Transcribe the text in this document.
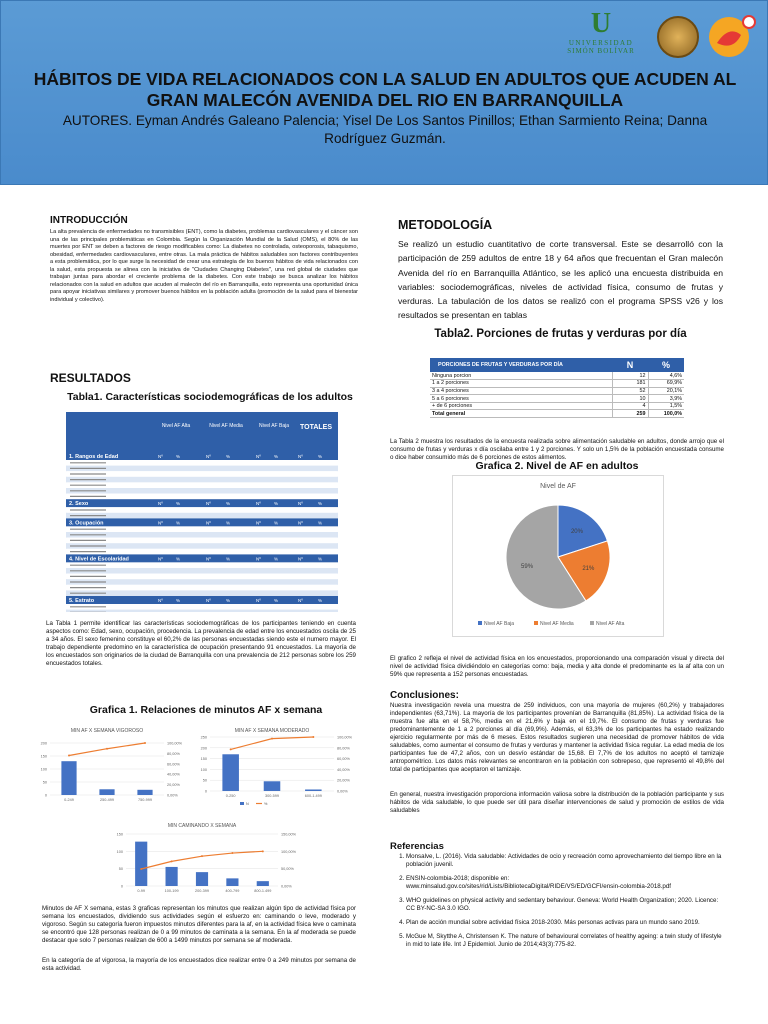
U
UNIVERSIDAD
SIMÓN BOLÍVAR
HÁBITOS DE VIDA RELACIONADOS CON LA SALUD EN ADULTOS QUE ACUDEN AL GRAN MALECÓN AVENIDA DEL RIO EN BARRANQUILLA
AUTORES. Eyman Andrés Galeano Palencia; Yisel De Los Santos Pinillos; Ethan Sarmiento Reina; Danna Rodríguez Guzmán.
INTRODUCCIÓN
La alta prevalencia de enfermedades no transmisibles (ENT), como la diabetes, problemas cardiovasculares y el cáncer son una de las principales problemáticas en Colombia. Según la Organización Mundial de la Salud (OMS), el 80% de las muertes por ENT se deben a factores de riesgo modificables como: La diabetes no controlada, osteoporosis, tabaquismo, obesidad, enfermedades cardiovasculares, entre otras. La mala práctica de hábitos saludables son factores contribuyentes a esta problemática, por lo que surge la necesidad de crear una estrategia de los buenos hábitos de vida relacionados con la salud, esta propuesta se alinea con la iniciativa de "Ciudades Changing Diabetes", una red global de ciudades que trabajan juntas para abordar el creciente problema de la diabetes. Con este trabajo se busca analizar los hábitos relacionados con la salud en adultos que acuden al malecón del río en Barranquilla, esto representa una oportunidad única para apoyar iniciativas similares y promover buenos hábitos en la población adulta (promoción de la salud para el bienestar individual y colectivo).
RESULTADOS
Tabla1. Características sociodemográficas de los adultos
Nivel AF Alta	Nivel AF Media	Nivel AF Baja TOTALES
1. Rangos de Edad	Nº	%	Nº	%	Nº	%	Nº	%
2. Sexo	Nº	%	Nº	%	Nº	%	Nº	%
3. Ocupación	Nº	%	Nº	%	Nº	%	Nº	%
4. Nivel de Escolaridad	Nº	%	Nº	%	Nº	%	Nº	%
5. Estrato	Nº	%	Nº	%	Nº	%	Nº	%
La Tabla 1 permite identificar las características sociodemográficas de los participantes teniendo en cuenta aspectos como: Edad, sexo, ocupación, procedencia. La prevalencia de edad entre los encuestados oscila de 25 a 34 años. El sexo femenino constituye el 60,2% de las personas encuestadas siendo este el numero mayor. El trabajo dependiente predomino en la característica de ocupación presentando 91 encuestados. La mayoría de los encuestados son originarios de la ciudad de Barranquilla con una prevalencia de 212 personas sobre los 259 encuestados totales.
Grafica 1. Relaciones de minutos AF x semana
MIN AF X SEMANA VIGOROSO
200
150
100
50
0
100,00%
80,00%
60,00%
40,00%
20,00%
0,00%
0-249	250-499	750-999
MIN AF X SEMANA MODERADO
250
200
150
100
50
0
100,00%
80,00%
60,00%
40,00%
20,00%
0,00%
0-250	300-599	600-1.499
N	%
MIN CAMINANDO X SEMANA
150
100
50
0
150,00%
100,00%
50,00%
0,00%
0-99	100-199	200-399	400-799	800-1.499
Minutos de AF X semana, estas 3 graficas representan los minutos que realizan algún tipo de actividad física por semana los encuestados, dividiendo sus actividades según el esfuerzo en: caminando o leve, moderado y vigoroso. Según su categoría fueron impuestos minutos diferentes para la af, en la actividad física leve o caminata se encontró que 128 personas realizan de 0 a 99 minutos de caminata a la semana. En la af moderada se puede destacar que solo 7 personas realizan de 600 a 1499 minutos por semana se af moderada.
En la categoría de af vigorosa, la mayoría de los encuestados dice realizar entre 0 a 249 minutos por semana de esta actividad.
METODOLOGÍA
Se realizó un estudio cuantitativo de corte transversal. Este se desarrolló con la participación de 259 adultos de entre 18 y 64 años que frecuentan el Gran malecón Avenida del río en Barranquilla Atlántico, se les aplicó una encuesta distribuida en variables: sociodemográficas, niveles de actividad física, consumo de frutas y verduras. La tabulación de los datos se realizó con el programa SPSS v26 y los resultados se presentan en tablas
Tabla2. Porciones de frutas y verduras por día
PORCIONES DE FRUTAS Y VERDURAS POR DÍA	N	%
Ninguna porcion	12	4,6%
1 a 2 porciones	181	69,9%
3 a 4 porciones	52	20,1%
5 a 6 porciones	10	3,9%
+ de 6 porciones	4	1,5%
Total general	259	100,0%
La Tabla 2 muestra los resultados de la encuesta realizada sobre alimentación saludable en adultos, donde arrojo que el consumo de frutas y verduras x día oscilaba entre 1 y 2 porciones. Y solo un 1,5% de la población encuestada consume o dice haber consumido más de 6 porciones de estos alimentos.
Grafica 2. Nivel de AF en adultos
Nivel de AF
20%
21%
59%
Nivel AF Baja	Nivel AF Media	Nivel AF Alta
El grafico 2 refleja el nivel de actividad física en los encuestados, proporcionando una comparación visual y directa del nivel de actividad física dividiéndolo en categorías como: baja, media y alta donde el predominante es la af alta con un 59% que representa a 152 personas encuestadas.
Conclusiones:
Nuestra investigación revela una muestra de 259 individuos, con una mayoría de mujeres (60,2%) y trabajadores independientes (63,71%). La mayoría de los participantes provenían de Barranquilla (81,85%). La actividad física de la muestra fue alta en el 58,7%, media en el 21,6% y baja en el 19,7%. El consumo de frutas y verduras fue predominantemente de 1 a 2 porciones al día (69,9%). Además, el 63,3% de los participantes ha estado realizando ejercicio regularmente por más de 6 meses. Estos resultados sugieren una necesidad de promover hábitos de vida saludables, como aumentar el consumo de frutas y verduras y mantener la actividad física regular. La edad media de los participantes fue de 47,2 años, con un desvío estándar de 15,68. El 7,7% de los adultos no aceptó el tamizaje antropométrico. Los datos más relevantes se encontraron en la población con sobrepeso, que representó el 49,8% del total de participantes que aceptaron el tamizaje.
En general, nuestra investigación proporciona información valiosa sobre la distribución de la población participante y sus hábitos de vida saludable, lo que puede ser útil para diseñar intervenciones de salud y promoción de estilos de vida saludables
Referencias
1. Monsalve, L. (2016). Vida saludable: Actividades de ocio y recreación como aprovechamiento del tiempo libre en la población juvenil.
2. ENSIN-colombia-2018; disponible en: www.minsalud.gov.co/sites/rid/Lists/BibliotecaDigital/RIDE/VS/ED/GCFI/ensin-colombia-2018.pdf
3. WHO guidelines on physical activity and sedentary behaviour. Geneva: World Health Organization; 2020. Licence: CC BY-NC-SA 3.0 IGO.
4. Plan de acción mundial sobre actividad física 2018-2030. Más personas activas para un mundo sano 2019.
5. McGue M, Skytthe A, Christensen K. The nature of behavioural correlates of healthy ageing: a twin study of lifestyle in mid to late life. Int J Epidemiol. Junio de 2014;43(3):775-82.
